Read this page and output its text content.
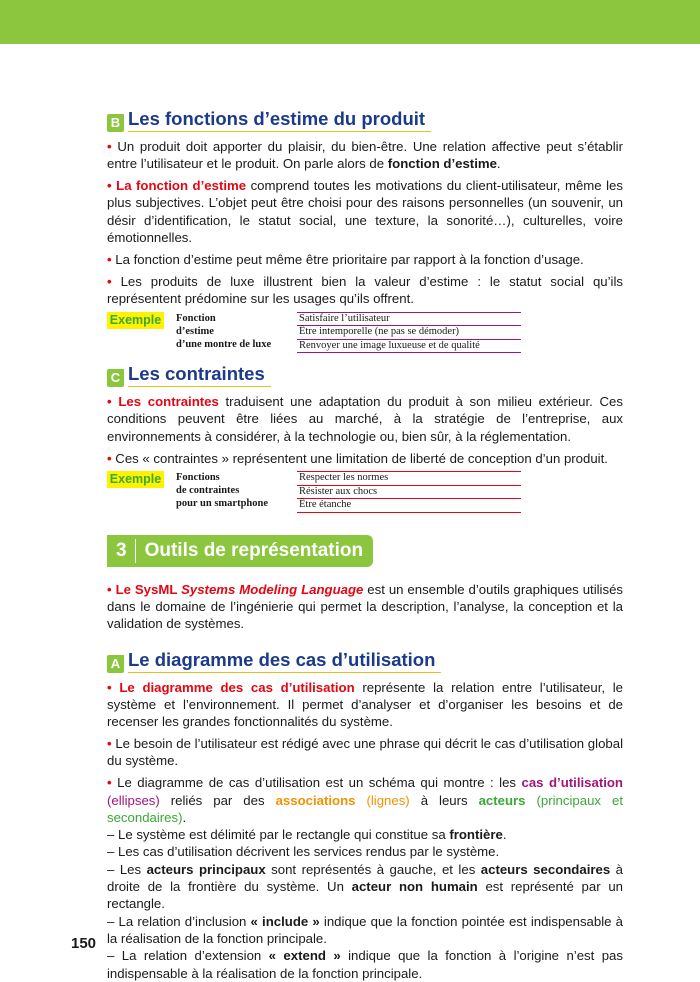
B Les fonctions d’estime du produit

• Un produit doit apporter du plaisir, du bien-être. Une relation affective peut s’établir entre l’utilisateur et le produit. On parle alors de fonction d’estime.

• La fonction d’estime comprend toutes les motivations du client-utilisateur, même les plus subjectives. L’objet peut être choisi pour des raisons personnelles (un souvenir, un désir d’identification, le statut social, une texture, la sonorité…), culturelles, voire émotionnelles.

• La fonction d’estime peut même être prioritaire par rapport à la fonction d’usage.

• Les produits de luxe illustrent bien la valeur d’estime : le statut social qu’ils représentent prédomine sur les usages qu’ils offrent.

Exemple Fonction
d’estime
d’une montre de luxe
Satisfaire l’utilisateur
Être intemporelle (ne pas se démoder)
Renvoyer une image luxueuse et de qualité
C Les contraintes

• Les contraintes traduisent une adaptation du produit à son milieu extérieur. Ces conditions peuvent être liées au marché, à la stratégie de l’entreprise, aux environnements à considérer, à la technologie ou, bien sûr, à la réglementation.

• Ces « contraintes » représentent une limitation de liberté de conception d’un produit.

Exemple Fonctions
de contraintes
pour un smartphone
Respecter les normes
Résister aux chocs
Être étanche
3 Outils de représentation

• Le SysML Systems Modeling Language est un ensemble d’outils graphiques utilisés dans le domaine de l’ingénierie qui permet la description, l’analyse, la conception et la validation de systèmes.

A Le diagramme des cas d’utilisation

• Le diagramme des cas d’utilisation représente la relation entre l’utilisateur, le système et l’environnement. Il permet d’analyser et d’organiser les besoins et de recenser les grandes fonctionnalités du système.

• Le besoin de l’utilisateur est rédigé avec une phrase qui décrit le cas d’utilisation global du système.

• Le diagramme de cas d’utilisation est un schéma qui montre : les cas d’utilisation (ellipses) reliés par des associations (lignes) à leurs acteurs (principaux et secondaires).

– Le système est délimité par le rectangle qui constitue sa frontière.

– Les cas d’utilisation décrivent les services rendus par le système.

– Les acteurs principaux sont représentés à gauche, et les acteurs secondaires à droite de la frontière du système. Un acteur non humain est représenté par un rectangle.

– La relation d’inclusion « include » indique que la fonction pointée est indispensable à la réalisation de la fonction principale.

– La relation d’extension « extend » indique que la fonction à l’origine n’est pas indispensable à la réalisation de la fonction principale.

150
